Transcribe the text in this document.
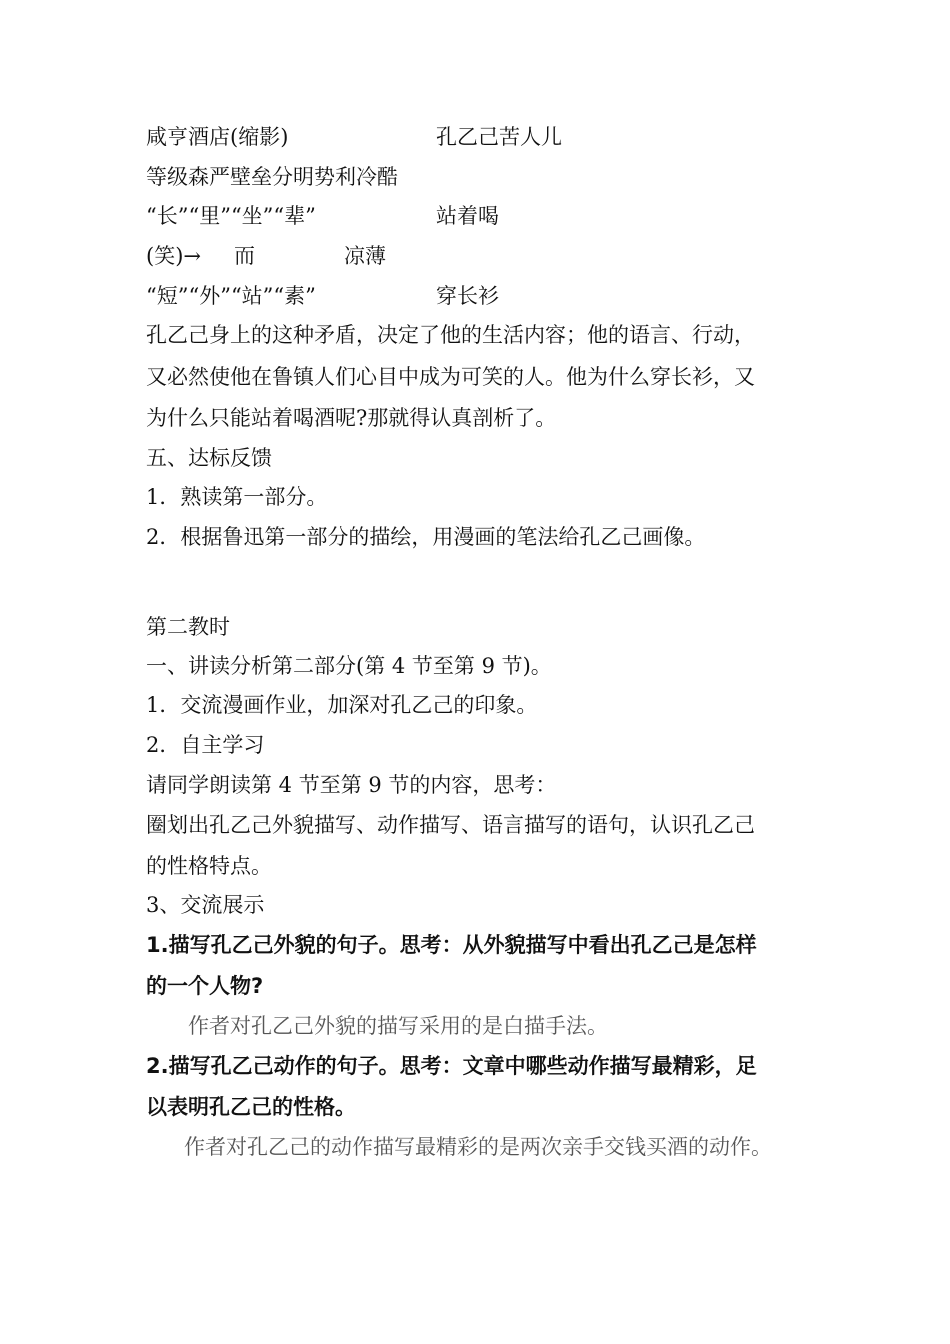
咸亨酒店(缩影)	孔乙己苦人儿
等级森严壁垒分明势利冷酷
“长”“里”“坐”“辈”	站着喝
(笑)→ 而	凉薄
“短”“外”“站”“素”	穿长衫
孔乙己身上的这种矛盾，决定了他的生活内容；他的语言、行动，
又必然使他在鲁镇人们心目中成为可笑的人。他为什么穿长衫，又
为什么只能站着喝酒呢?那就得认真剖析了。
五、达标反馈
1．熟读第一部分。
2．根据鲁迅第一部分的描绘，用漫画的笔法给孔乙己画像。
第二教时
一、讲读分析第二部分(第 4 节至第 9 节)。
1．交流漫画作业，加深对孔乙己的印象。
2．自主学习
请同学朗读第 4 节至第 9 节的内容，思考：
圈划出孔乙己外貌描写、动作描写、语言描写的语句，认识孔乙己
的性格特点。
3、交流展示
1.描写孔乙己外貌的句子。思考：从外貌描写中看出孔乙己是怎样
的一个人物?
作者对孔乙己外貌的描写采用的是白描手法。
2.描写孔乙己动作的句子。思考：文章中哪些动作描写最精彩，足
以表明孔乙己的性格。
作者对孔乙己的动作描写最精彩的是两次亲手交钱买酒的动作。
